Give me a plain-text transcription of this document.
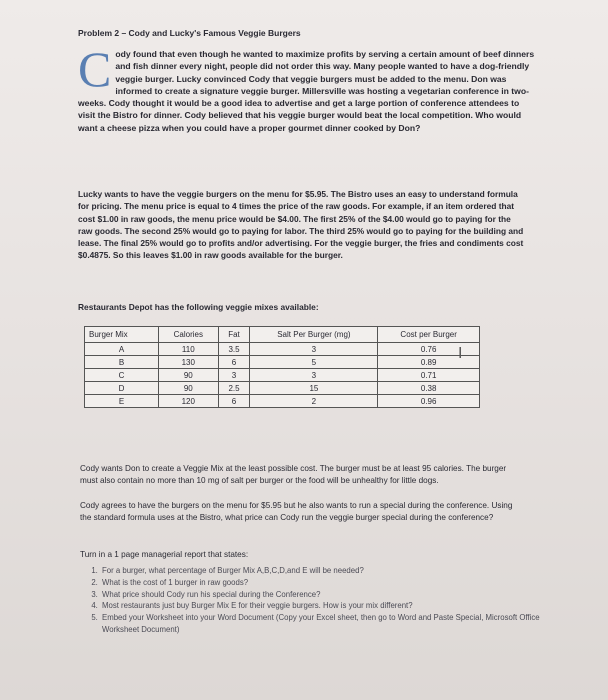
Problem 2 – Cody and Lucky's Famous Veggie Burgers
C ody found that even though he wanted to maximize profits by serving a certain amount of beef dinners and fish dinner every night, people did not order this way. Many people wanted to have a dog-friendly veggie burger. Lucky convinced Cody that veggie burgers must be added to the menu. Don was informed to create a signature veggie burger. Millersville was hosting a vegetarian conference in two-weeks. Cody thought it would be a good idea to advertise and get a large portion of conference attendees to visit the Bistro for dinner. Cody believed that his veggie burger would beat the local competition. Who would want a cheese pizza when you could have a proper gourmet dinner cooked by Don?

Lucky wants to have the veggie burgers on the menu for $5.95. The Bistro uses an easy to understand formula for pricing. The menu price is equal to 4 times the price of the raw goods. For example, if an item ordered that cost $1.00 in raw goods, the menu price would be $4.00. The first 25% of the $4.00 would go to paying for the raw goods. The second 25% would go to paying for labor. The third 25% would go to paying for the building and lease. The final 25% would go to profits and/or advertising. For the veggie burger, the fries and condiments cost $0.4875. So this leaves $1.00 in raw goods available for the burger.

Restaurants Depot has the following veggie mixes available:

Burger Mix	Calories	Fat	Salt Per Burger (mg)	Cost per Burger
A	110	3.5	3	0.76
B	130	6	5	0.89
C	90	3	3	0.71
D	90	2.5	15	0.38
E	120	6	2	0.96
I

Cody wants Don to create a Veggie Mix at the least possible cost. The burger must be at least 95 calories. The burger must also contain no more than 10 mg of salt per burger or the food will be unhealthy for little dogs.

Cody agrees to have the burgers on the menu for $5.95 but he also wants to run a special during the conference. Using the standard formula uses at the Bistro, what price can Cody run the veggie burger special during the conference?

Turn in a 1 page managerial report that states:

1. For a burger, what percentage of Burger Mix A,B,C,D,and E will be needed?
2. What is the cost of 1 burger in raw goods?
3. What price should Cody run his special during the Conference?
4. Most restaurants just buy Burger Mix E for their veggie burgers. How is your mix different?
5. Embed your Worksheet into your Word Document (Copy your Excel sheet, then go to Word and Paste Special, Microsoft Office Worksheet Document)
